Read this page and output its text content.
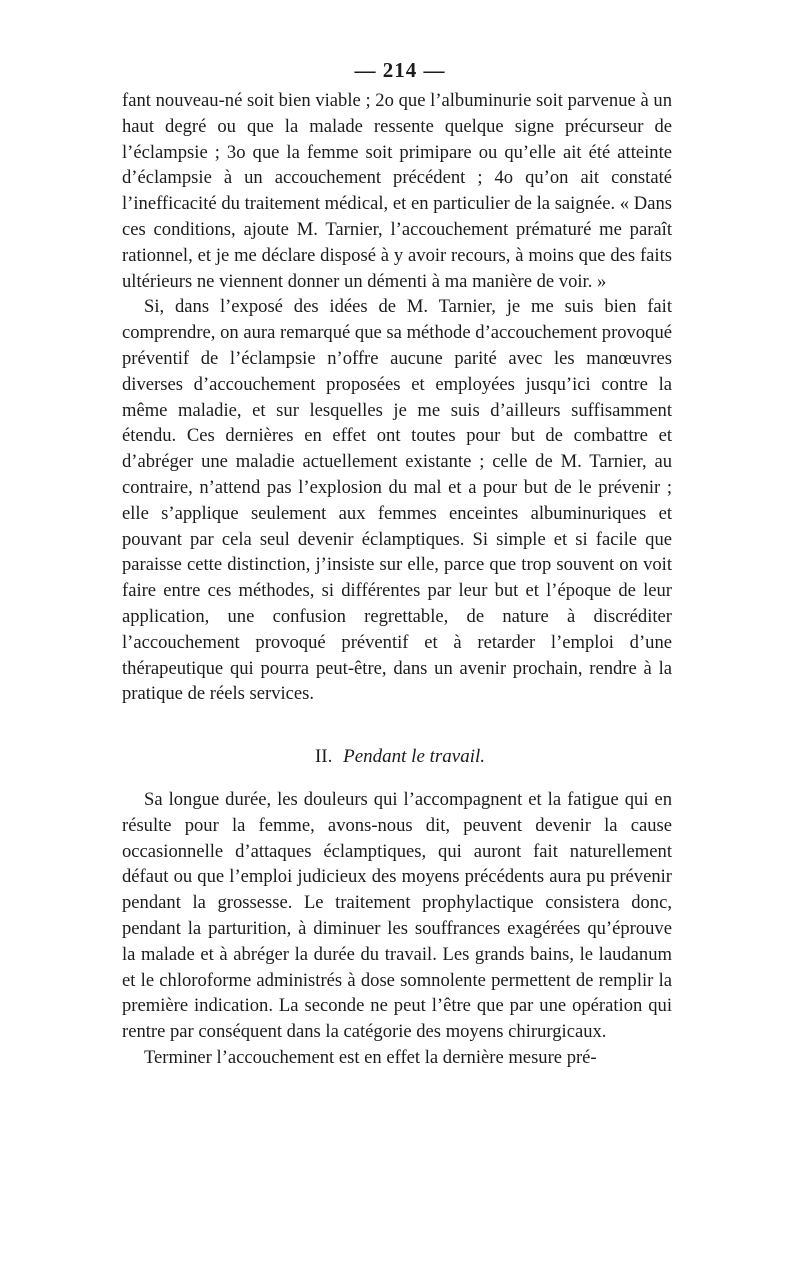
— 214 —

fant nouveau-né soit bien viable ; 2o que l’albuminurie soit parvenue à un haut degré ou que la malade ressente quelque signe précurseur de l’éclampsie ; 3o que la femme soit primipare ou qu’elle ait été atteinte d’éclampsie à un accouchement précédent ; 4o qu’on ait constaté l’inefficacité du traitement médical, et en particulier de la saignée. « Dans ces conditions, ajoute M. Tarnier, l’accouchement prématuré me paraît rationnel, et je me déclare disposé à y avoir recours, à moins que des faits ultérieurs ne viennent donner un démenti à ma manière de voir. »

Si, dans l’exposé des idées de M. Tarnier, je me suis bien fait comprendre, on aura remarqué que sa méthode d’accouchement provoqué préventif de l’éclampsie n’offre aucune parité avec les manœuvres diverses d’accouchement proposées et employées jusqu’ici contre la même maladie, et sur lesquelles je me suis d’ailleurs suffisamment étendu. Ces dernières en effet ont toutes pour but de combattre et d’abréger une maladie actuellement existante ; celle de M. Tarnier, au contraire, n’attend pas l’explosion du mal et a pour but de le prévenir ; elle s’applique seulement aux femmes enceintes albuminuriques et pouvant par cela seul devenir éclamptiques. Si simple et si facile que paraisse cette distinction, j’insiste sur elle, parce que trop souvent on voit faire entre ces méthodes, si différentes par leur but et l’époque de leur application, une confusion regrettable, de nature à discréditer l’accouchement provoqué préventif et à retarder l’emploi d’une thérapeutique qui pourra peut-être, dans un avenir prochain, rendre à la pratique de réels services.

II. Pendant le travail.

Sa longue durée, les douleurs qui l’accompagnent et la fatigue qui en résulte pour la femme, avons-nous dit, peuvent devenir la cause occasionnelle d’attaques éclamptiques, qui auront fait naturellement défaut ou que l’emploi judicieux des moyens précédents aura pu prévenir pendant la grossesse. Le traitement prophylactique consistera donc, pendant la parturition, à diminuer les souffrances exagérées qu’éprouve la malade et à abréger la durée du travail. Les grands bains, le laudanum et le chloroforme administrés à dose somnolente permettent de remplir la première indication. La seconde ne peut l’être que par une opération qui rentre par conséquent dans la catégorie des moyens chirurgicaux.

Terminer l’accouchement est en effet la dernière mesure pré-
